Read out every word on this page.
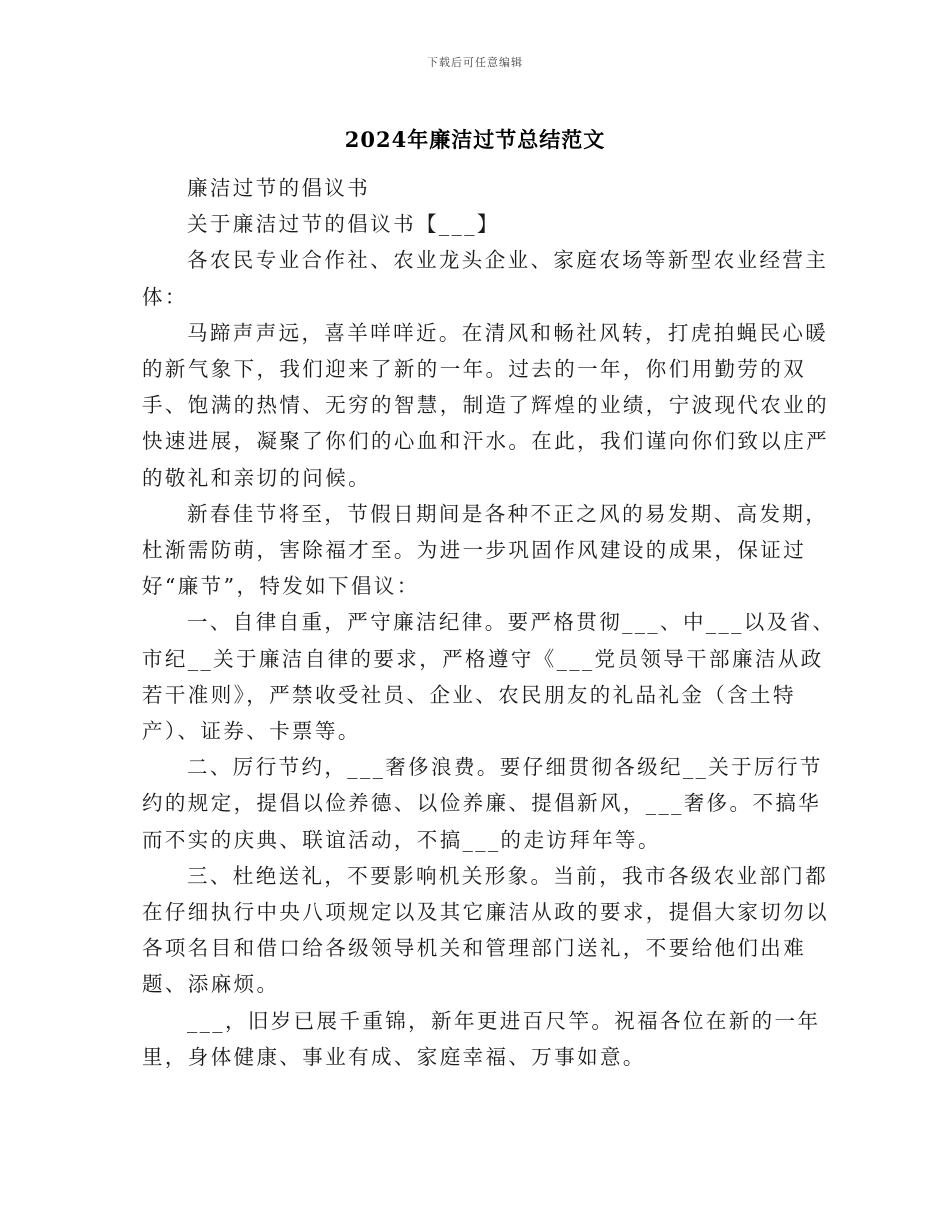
下载后可任意编辑
2024年廉洁过节总结范文

廉洁过节的倡议书

关于廉洁过节的倡议书【___】

各农民专业合作社、农业龙头企业、家庭农场等新型农业经营主体：

马蹄声声远，喜羊咩咩近。在清风和畅社风转，打虎拍蝇民心暖的新气象下，我们迎来了新的一年。过去的一年，你们用勤劳的双手、饱满的热情、无穷的智慧，制造了辉煌的业绩，宁波现代农业的快速进展，凝聚了你们的心血和汗水。在此，我们谨向你们致以庄严的敬礼和亲切的问候。

新春佳节将至，节假日期间是各种不正之风的易发期、高发期，杜渐需防萌，害除福才至。为进一步巩固作风建设的成果，保证过好“廉节”，特发如下倡议：

一、自律自重，严守廉洁纪律。要严格贯彻___、中___以及省、市纪__关于廉洁自律的要求，严格遵守《___党员领导干部廉洁从政若干准则》，严禁收受社员、企业、农民朋友的礼品礼金（含土特产）、证券、卡票等。

二、厉行节约，___奢侈浪费。要仔细贯彻各级纪__关于厉行节约的规定，提倡以俭养德、以俭养廉、提倡新风，___奢侈。不搞华而不实的庆典、联谊活动，不搞___的走访拜年等。

三、杜绝送礼，不要影响机关形象。当前，我市各级农业部门都在仔细执行中央八项规定以及其它廉洁从政的要求，提倡大家切勿以各项名目和借口给各级领导机关和管理部门送礼，不要给他们出难题、添麻烦。

___，旧岁已展千重锦，新年更进百尺竿。祝福各位在新的一年里，身体健康、事业有成、家庭幸福、万事如意。
